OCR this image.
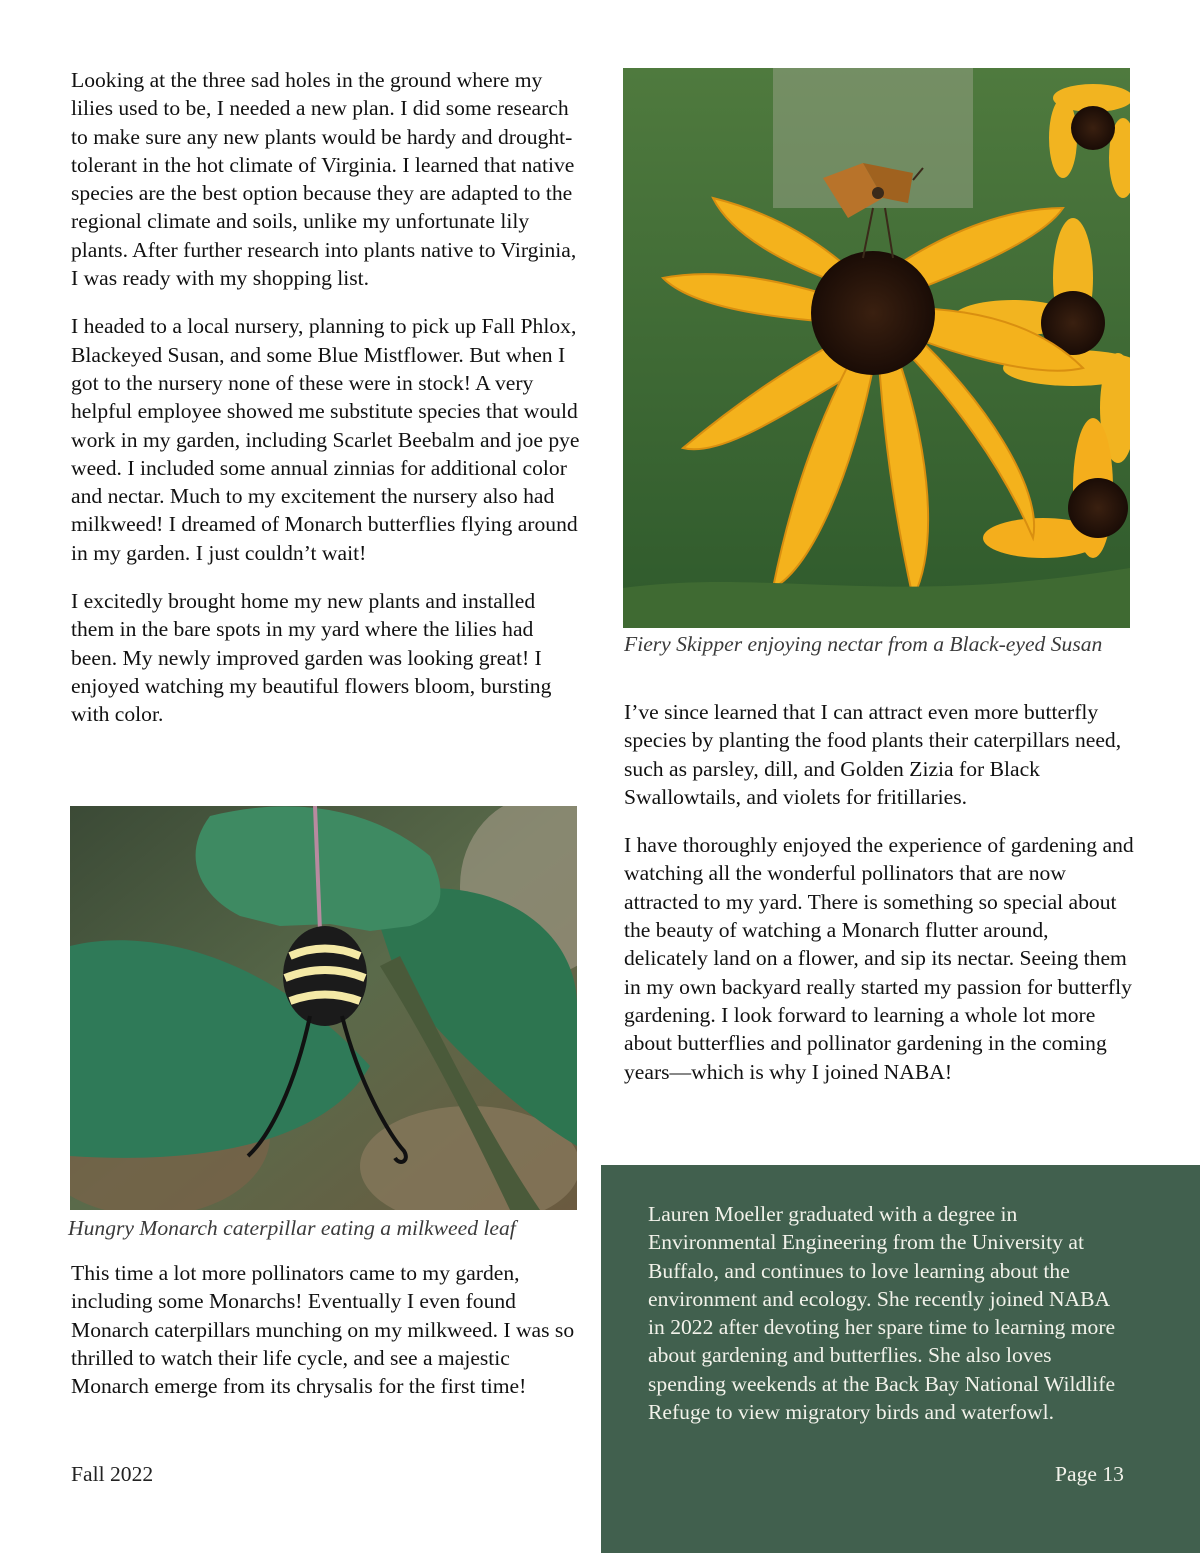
Looking at the three sad holes in the ground where my lilies used to be, I needed a new plan. I did some research to make sure any new plants would be hardy and drought-tolerant in the hot climate of Virginia. I learned that native species are the best option because they are adapted to the regional climate and soils, unlike my unfortunate lily plants. After further research into plants native to Virginia, I was ready with my shopping list.

I headed to a local nursery, planning to pick up Fall Phlox, Blackeyed Susan, and some Blue Mistflower. But when I got to the nursery none of these were in stock! A very helpful employee showed me substitute species that would work in my garden, including Scarlet Beebalm and joe pye weed. I included some annual zinnias for additional color and nectar. Much to my excitement the nursery also had milkweed! I dreamed of Monarch butterflies flying around in my garden. I just couldn’t wait!

I excitedly brought home my new plants and installed them in the bare spots in my yard where the lilies had been. My newly improved garden was looking great! I enjoyed watching my beautiful flowers bloom, bursting with color.

Hungry Monarch caterpillar eating a milkweed leaf

This time a lot more pollinators came to my garden, including some Monarchs! Eventually I even found Monarch caterpillars munching on my milkweed. I was so thrilled to watch their life cycle, and see a majestic Monarch emerge from its chrysalis for the first time!

Fiery Skipper enjoying nectar from a Black-eyed Susan

I’ve since learned that I can attract even more butterfly species by planting the food plants their caterpillars need, such as parsley, dill, and Golden Zizia for Black Swallowtails, and violets for fritillaries.

I have thoroughly enjoyed the experience of gardening and watching all the wonderful pollinators that are now attracted to my yard. There is something so special about the beauty of watching a Monarch flutter around, delicately land on a flower, and sip its nectar. Seeing them in my own backyard really started my passion for butterfly gardening. I look forward to learning a whole lot more about butterflies and pollinator gardening in the coming years—which is why I joined NABA!

Lauren Moeller graduated with a degree in Environmental Engineering from the University at Buffalo, and continues to love learning about the environment and ecology. She recently joined NABA in 2022 after devoting her spare time to learning more about gardening and butterflies. She also loves spending weekends at the Back Bay National Wildlife Refuge to view migratory birds and waterfowl.

Fall 2022	Page 13
